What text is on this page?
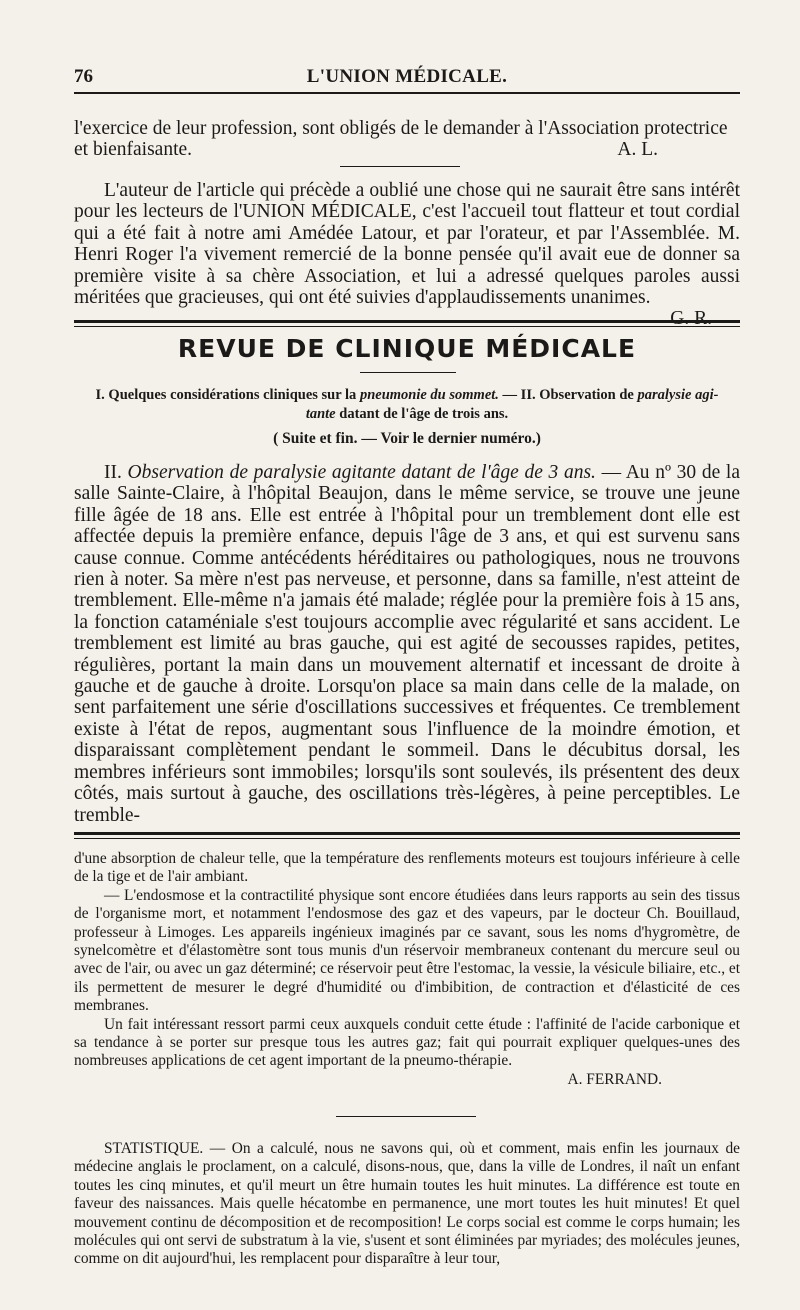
76	L'UNION MÉDICALE.

l'exercice de leur profession, sont obligés de le demander à l'Association protectrice

et bienfaisante.	A. L.

L'auteur de l'article qui précède a oublié une chose qui ne saurait être sans intérêt pour les lecteurs de l'UNION MÉDICALE, c'est l'accueil tout flatteur et tout cordial qui a été fait à notre ami Amédée Latour, et par l'orateur, et par l'Assemblée. M. Henri Roger l'a vivement remercié de la bonne pensée qu'il avait eue de donner sa première visite à sa chère Association, et lui a adressé quelques paroles aussi méritées que gracieuses, qui ont été suivies d'applaudissements unanimes.
G. R.

REVUE DE CLINIQUE MÉDICALE
I. Quelques considérations cliniques sur la pneumonie du sommet. — II. Observation de paralysie agi-
tante datant de l'âge de trois ans.
( Suite et fin. — Voir le dernier numéro.)

II. Observation de paralysie agitante datant de l'âge de 3 ans. — Au nº 30 de la salle Sainte-Claire, à l'hôpital Beaujon, dans le même service, se trouve une jeune fille âgée de 18 ans. Elle est entrée à l'hôpital pour un tremblement dont elle est affectée depuis la première enfance, depuis l'âge de 3 ans, et qui est survenu sans cause connue. Comme antécédents héréditaires ou pathologiques, nous ne trouvons rien à noter. Sa mère n'est pas nerveuse, et personne, dans sa famille, n'est atteint de tremblement. Elle-même n'a jamais été malade; réglée pour la première fois à 15 ans, la fonction cataméniale s'est toujours accomplie avec régularité et sans accident. Le tremblement est limité au bras gauche, qui est agité de secousses rapides, petites, régulières, portant la main dans un mouvement alternatif et incessant de droite à gauche et de gauche à droite. Lorsqu'on place sa main dans celle de la malade, on sent parfaitement une série d'oscillations successives et fréquentes. Ce tremblement existe à l'état de repos, augmentant sous l'influence de la moindre émotion, et disparaissant complètement pendant le sommeil. Dans le décubitus dorsal, les membres inférieurs sont immobiles; lorsqu'ils sont soulevés, ils présentent des deux côtés, mais surtout à gauche, des oscillations très-légères, à peine perceptibles. Le tremble-

d'une absorption de chaleur telle, que la température des renflements moteurs est toujours inférieure à celle de la tige et de l'air ambiant.

— L'endosmose et la contractilité physique sont encore étudiées dans leurs rapports au sein des tissus de l'organisme mort, et notamment l'endosmose des gaz et des vapeurs, par le docteur Ch. Bouillaud, professeur à Limoges. Les appareils ingénieux imaginés par ce savant, sous les noms d'hygromètre, de synelcomètre et d'élastomètre sont tous munis d'un réservoir membraneux contenant du mercure seul ou avec de l'air, ou avec un gaz déterminé; ce réservoir peut être l'estomac, la vessie, la vésicule biliaire, etc., et ils permettent de mesurer le degré d'humidité ou d'imbibition, de contraction et d'élasticité de ces membranes.

Un fait intéressant ressort parmi ceux auxquels conduit cette étude : l'affinité de l'acide carbonique et sa tendance à se porter sur presque tous les autres gaz; fait qui pourrait expliquer quelques-unes des nombreuses applications de cet agent important de la pneumo-thérapie.

A. FERRAND.

STATISTIQUE. — On a calculé, nous ne savons qui, où et comment, mais enfin les journaux de médecine anglais le proclament, on a calculé, disons-nous, que, dans la ville de Londres, il naît un enfant toutes les cinq minutes, et qu'il meurt un être humain toutes les huit minutes. La différence est toute en faveur des naissances. Mais quelle hécatombe en permanence, une mort toutes les huit minutes! Et quel mouvement continu de décomposition et de recomposition! Le corps social est comme le corps humain; les molécules qui ont servi de substratum à la vie, s'usent et sont éliminées par myriades; des molécules jeunes, comme on dit aujourd'hui, les remplacent pour disparaître à leur tour,
